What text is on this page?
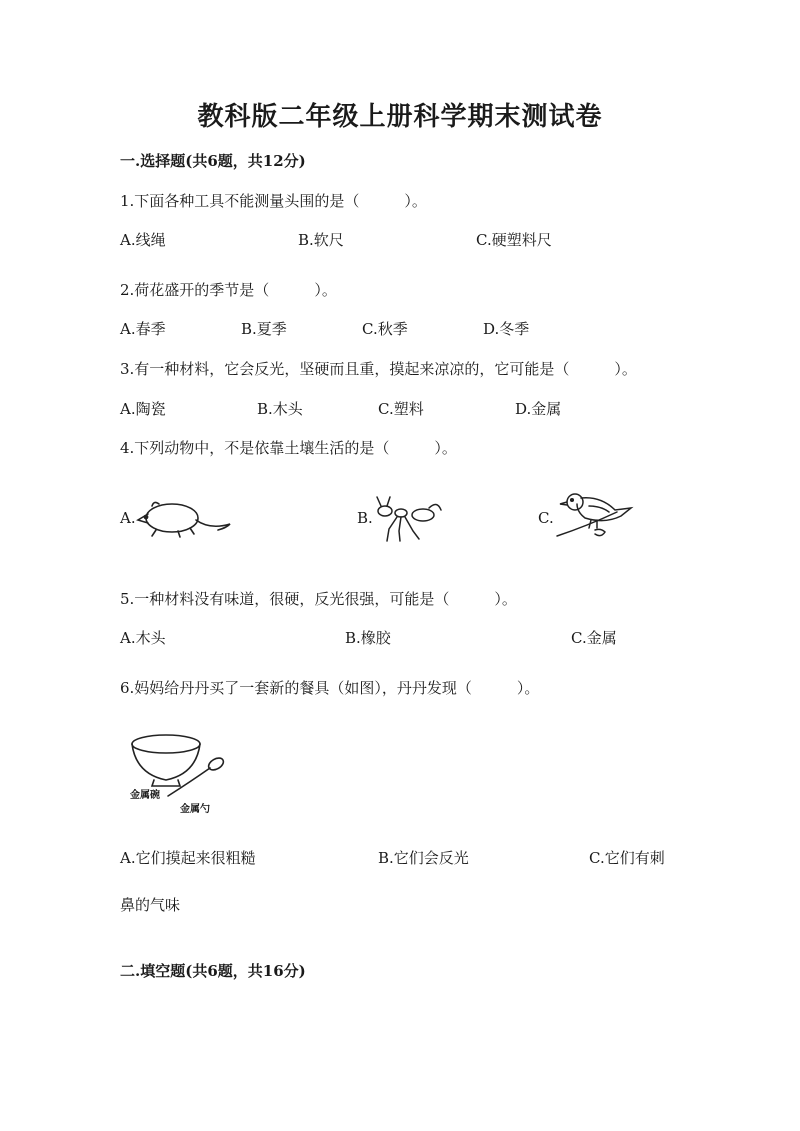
教科版二年级上册科学期末测试卷
一.选择题(共6题，共12分)
1.下面各种工具不能测量头围的是（　　　）。
A.线绳	B.软尺	C.硬塑料尺
2.荷花盛开的季节是（　　　）。
A.春季	B.夏季	C.秋季	D.冬季
3.有一种材料，它会反光，坚硬而且重，摸起来凉凉的，它可能是（　　　）。
A.陶瓷	B.木头	C.塑料	D.金属
4.下列动物中，不是依靠土壤生活的是（　　　）。
A.	B.	C.
5.一种材料没有味道，很硬，反光很强，可能是（　　　）。
A.木头	B.橡胶	C.金属
6.妈妈给丹丹买了一套新的餐具（如图），丹丹发现（　　　）。
金属碗
金属勺
A.它们摸起来很粗糙	B.它们会反光	C.它们有刺
鼻的气味
二.填空题(共6题，共16分)
